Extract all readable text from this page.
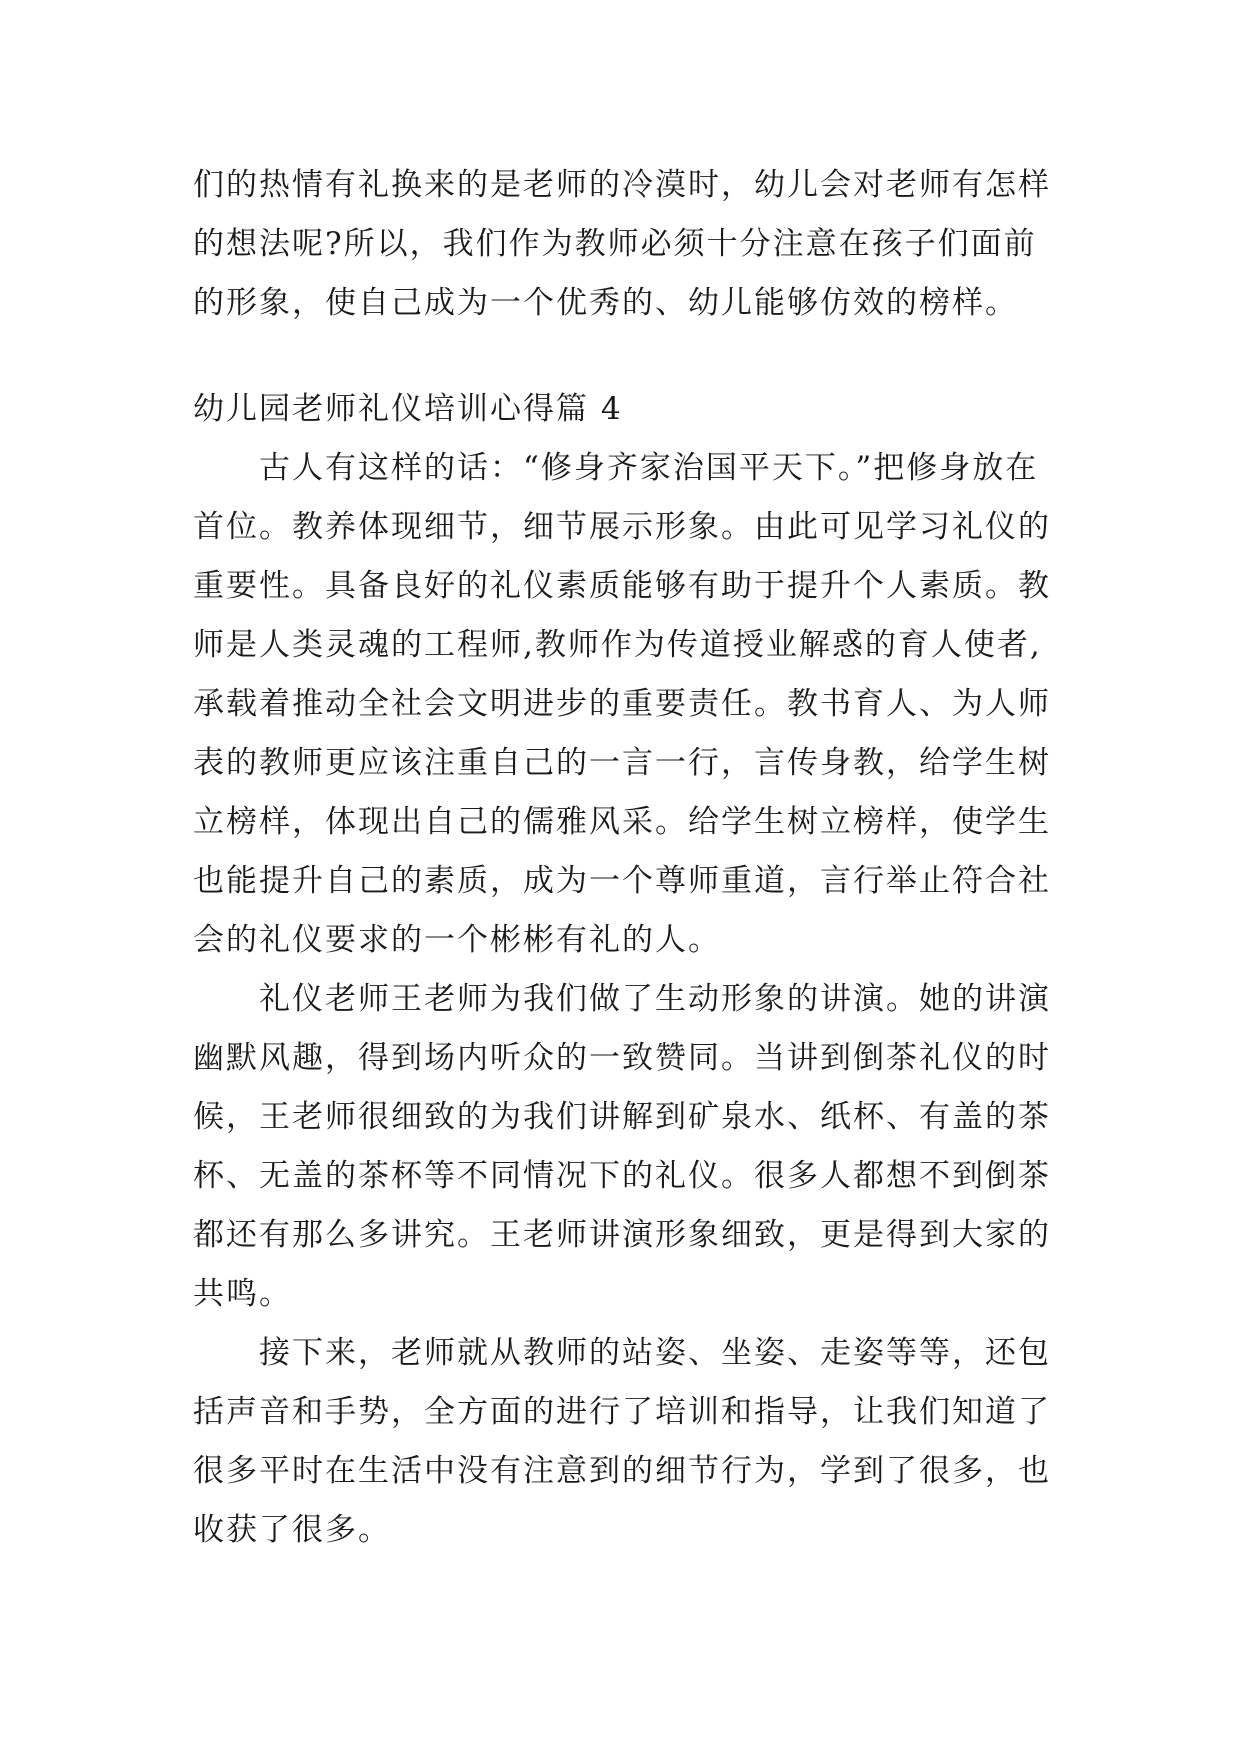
们的热情有礼换来的是老师的冷漠时，幼儿会对老师有怎样
的想法呢?所以，我们作为教师必须十分注意在孩子们面前
的形象，使自己成为一个优秀的、幼儿能够仿效的榜样。
幼儿园老师礼仪培训心得篇 4
古人有这样的话：“修身齐家治国平天下。”把修身放在
首位。教养体现细节，细节展示形象。由此可见学习礼仪的
重要性。具备良好的礼仪素质能够有助于提升个人素质。教
师是人类灵魂的工程师,教师作为传道授业解惑的育人使者,
承载着推动全社会文明进步的重要责任。教书育人、为人师
表的教师更应该注重自己的一言一行，言传身教，给学生树
立榜样，体现出自己的儒雅风采。给学生树立榜样，使学生
也能提升自己的素质，成为一个尊师重道，言行举止符合社
会的礼仪要求的一个彬彬有礼的人。
礼仪老师王老师为我们做了生动形象的讲演。她的讲演
幽默风趣，得到场内听众的一致赞同。当讲到倒茶礼仪的时
候，王老师很细致的为我们讲解到矿泉水、纸杯、有盖的茶
杯、无盖的茶杯等不同情况下的礼仪。很多人都想不到倒茶
都还有那么多讲究。王老师讲演形象细致，更是得到大家的
共鸣。
接下来，老师就从教师的站姿、坐姿、走姿等等，还包
括声音和手势，全方面的进行了培训和指导，让我们知道了
很多平时在生活中没有注意到的细节行为，学到了很多，也
收获了很多。
